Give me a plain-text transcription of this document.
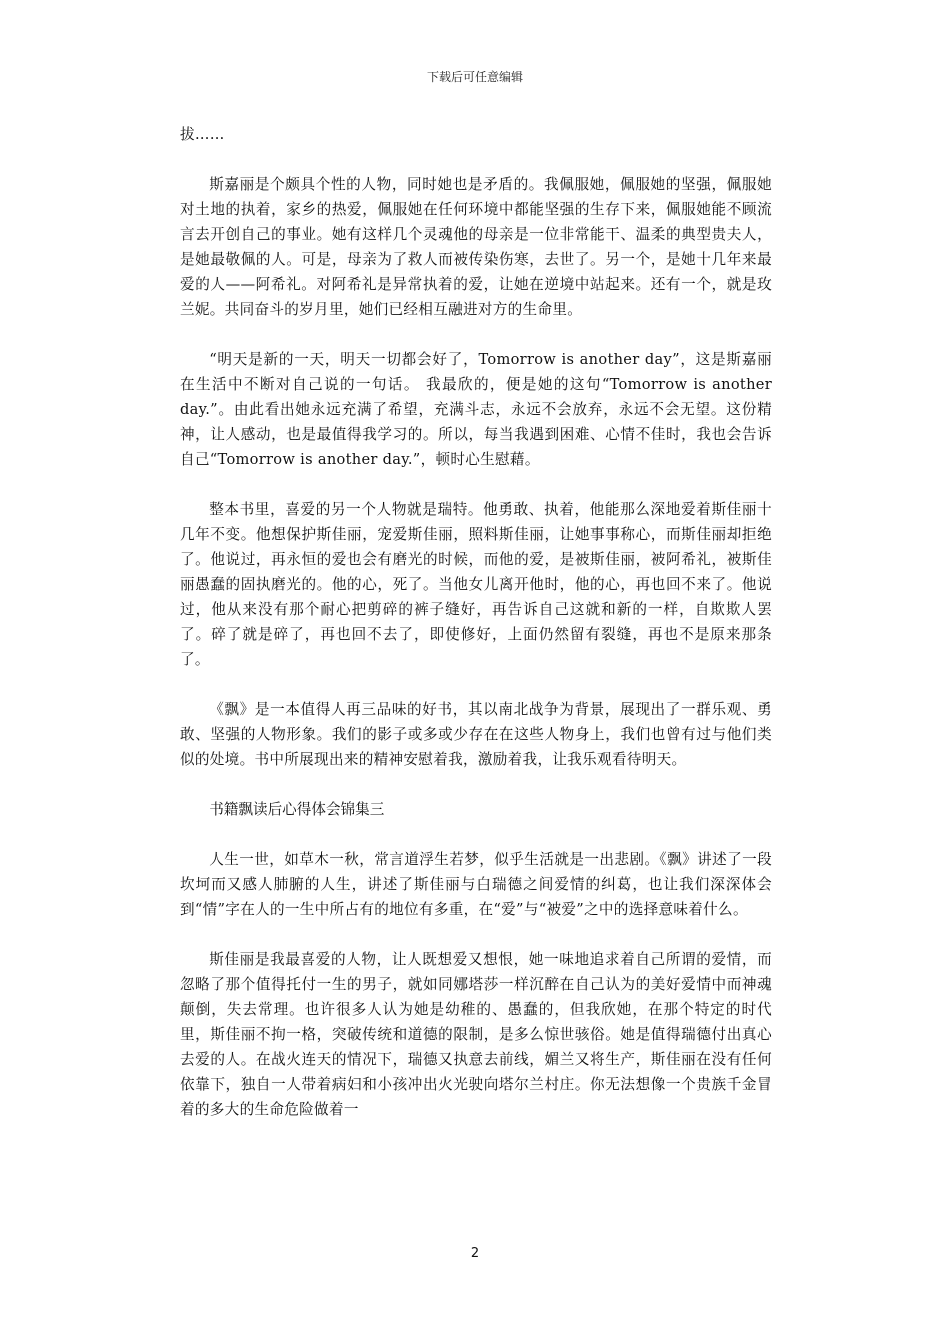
下载后可任意编辑

拔……

斯嘉丽是个颇具个性的人物，同时她也是矛盾的。我佩服她，佩服她的坚强，佩服她对土地的执着，家乡的热爱，佩服她在任何环境中都能坚强的生存下来，佩服她能不顾流言去开创自己的事业。她有这样几个灵魂他的母亲是一位非常能干、温柔的典型贵夫人，是她最敬佩的人。可是，母亲为了救人而被传染伤寒，去世了。另一个，是她十几年来最爱的人——阿希礼。对阿希礼是异常执着的爱，让她在逆境中站起来。还有一个，就是玫兰妮。共同奋斗的岁月里，她们已经相互融进对方的生命里。

“明天是新的一天，明天一切都会好了，Tomorrow is another day”，这是斯嘉丽在生活中不断对自己说的一句话。 我最欣的，便是她的这句“Tomorrow is another day.”。由此看出她永远充满了希望，充满斗志，永远不会放弃，永远不会无望。这份精神，让人感动，也是最值得我学习的。所以，每当我遇到困难、心情不佳时，我也会告诉自己“Tomorrow is another day.”，顿时心生慰藉。

整本书里，喜爱的另一个人物就是瑞特。他勇敢、执着，他能那么深地爱着斯佳丽十几年不变。他想保护斯佳丽，宠爱斯佳丽，照料斯佳丽，让她事事称心，而斯佳丽却拒绝了。他说过，再永恒的爱也会有磨光的时候，而他的爱，是被斯佳丽，被阿希礼，被斯佳丽愚蠢的固执磨光的。他的心，死了。当他女儿离开他时，他的心，再也回不来了。他说过，他从来没有那个耐心把剪碎的裤子缝好，再告诉自己这就和新的一样，自欺欺人罢了。碎了就是碎了，再也回不去了，即使修好，上面仍然留有裂缝，再也不是原来那条了。

《飘》是一本值得人再三品味的好书，其以南北战争为背景，展现出了一群乐观、勇敢、坚强的人物形象。我们的影子或多或少存在在这些人物身上，我们也曾有过与他们类似的处境。书中所展现出来的精神安慰着我，激励着我，让我乐观看待明天。

书籍飘读后心得体会锦集三

人生一世，如草木一秋，常言道浮生若梦，似乎生活就是一出悲剧。《飘》讲述了一段坎坷而又感人肺腑的人生，讲述了斯佳丽与白瑞德之间爱情的纠葛，也让我们深深体会到“情”字在人的一生中所占有的地位有多重，在“爱”与“被爱”之中的选择意味着什么。

斯佳丽是我最喜爱的人物，让人既想爱又想恨，她一味地追求着自己所谓的爱情，而忽略了那个值得托付一生的男子，就如同娜塔莎一样沉醉在自己认为的美好爱情中而神魂颠倒，失去常理。也许很多人认为她是幼稚的、愚蠢的，但我欣她，在那个特定的时代里，斯佳丽不拘一格，突破传统和道德的限制，是多么惊世骇俗。她是值得瑞德付出真心去爱的人。在战火连天的情况下，瑞德又执意去前线，媚兰又将生产，斯佳丽在没有任何依靠下，独自一人带着病妇和小孩冲出火光驶向塔尔兰村庄。你无法想像一个贵族千金冒着的多大的生命危险做着一

2
